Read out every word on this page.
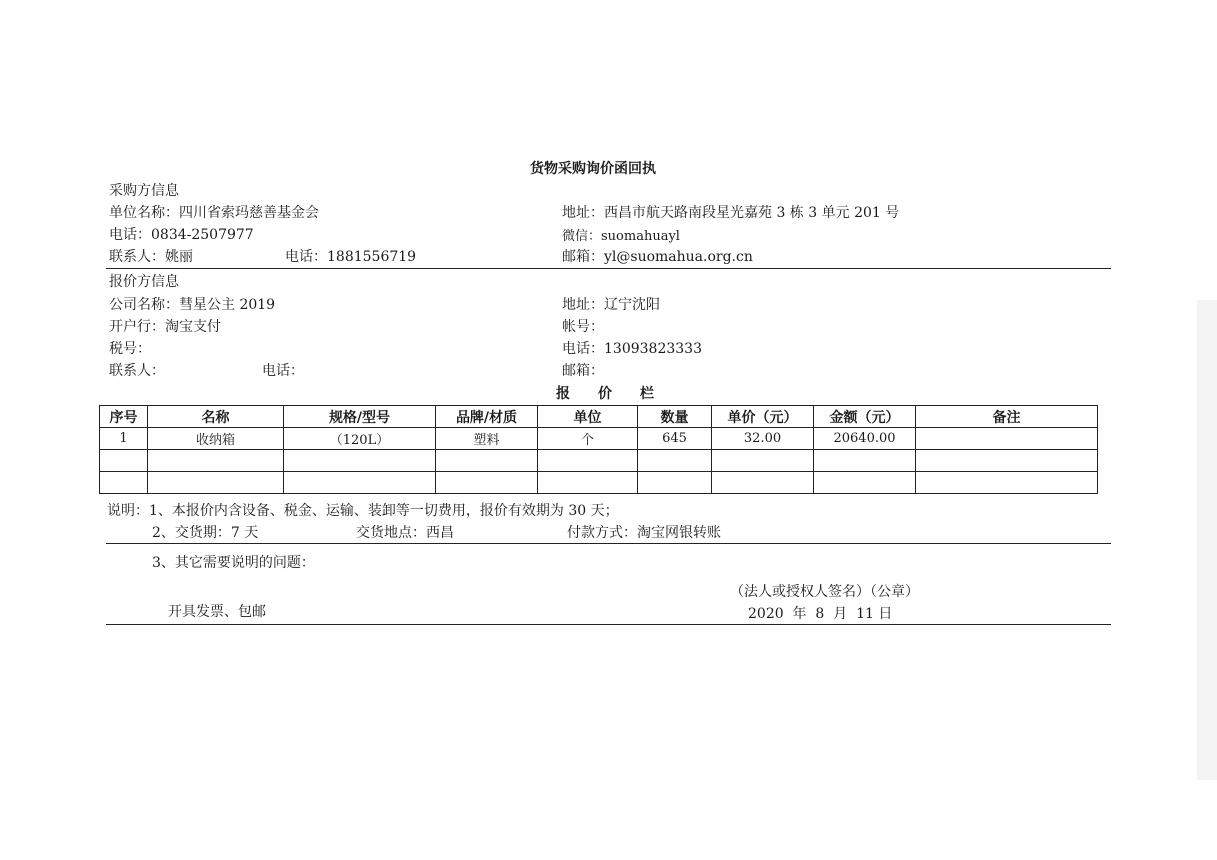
货物采购询价函回执
采购方信息
单位名称：四川省索玛慈善基金会	地址：西昌市航天路南段星光嘉苑 3 栋 3 单元 201 号
电话：0834-2507977	微信：suomahuayl
联系人：姚丽	电话：1881556719	邮箱：yl@suomahua.org.cn
报价方信息
公司名称：彗星公主 2019	地址：辽宁沈阳
开户行：淘宝支付	帐号：
税号：	电话：13093823333
联系人：	电话：	邮箱：
报　　价　　栏
序号	名称	规格/型号	品牌/材质	单位	数量	单价（元）	金额（元）	备注
1	收纳箱	（120L）	塑料	个	645	32.00	20640.00	

说明：1、本报价内含设备、税金、运输、装卸等一切费用，报价有效期为 30 天；
2、交货期：7 天	交货地点：西昌	付款方式：淘宝网银转账
3、其它需要说明的问题：
（法人或授权人签名）（公章）
开具发票、包邮	2020  年  8  月  11 日
